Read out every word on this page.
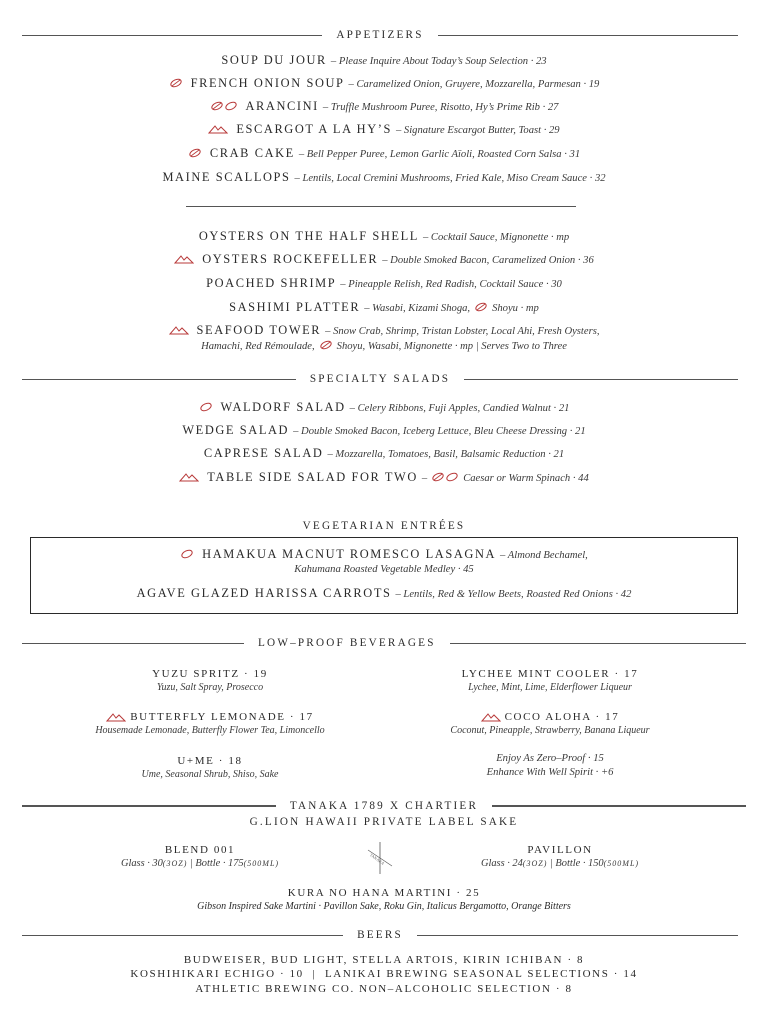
APPETIZERS
SOUP DU JOUR – Please Inquire About Today’s Soup Selection · 23
FRENCH ONION SOUP – Caramelized Onion, Gruyere, Mozzarella, Parmesan · 19
ARANCINI – Truffle Mushroom Puree, Risotto, Hy’s Prime Rib · 27
ESCARGOT A LA HY’S – Signature Escargot Butter, Toast · 29
CRAB CAKE – Bell Pepper Puree, Lemon Garlic Aïoli, Roasted Corn Salsa · 31
MAINE SCALLOPS – Lentils, Local Cremini Mushrooms, Fried Kale, Miso Cream Sauce · 32
OYSTERS ON THE HALF SHELL – Cocktail Sauce, Mignonette · mp
OYSTERS ROCKEFELLER – Double Smoked Bacon, Caramelized Onion · 36
POACHED SHRIMP – Pineapple Relish, Red Radish, Cocktail Sauce · 30
SASHIMI PLATTER – Wasabi, Kizami Shoga, Shoyu · mp
SEAFOOD TOWER – Snow Crab, Shrimp, Tristan Lobster, Local Ahi, Fresh Oysters,
Hamachi, Red Rémoulade, Shoyu, Wasabi, Mignonette · mp | Serves Two to Three
SPECIALTY SALADS
WALDORF SALAD – Celery Ribbons, Fuji Apples, Candied Walnut · 21
WEDGE SALAD – Double Smoked Bacon, Iceberg Lettuce, Bleu Cheese Dressing · 21
CAPRESE SALAD – Mozzarella, Tomatoes, Basil, Balsamic Reduction · 21
TABLE SIDE SALAD FOR TWO –	Caesar or Warm Spinach · 44
VEGETARIAN ENTRÉES
HAMAKUA MACNUT ROMESCO LASAGNA – Almond Bechamel,
Kahumana Roasted Vegetable Medley · 45
AGAVE GLAZED HARISSA CARROTS – Lentils, Red & Yellow Beets, Roasted Red Onions · 42
LOW–PROOF BEVERAGES
YUZU SPRITZ · 19
Yuzu, Salt Spray, Prosecco
BUTTERFLY LEMONADE · 17
Housemade Lemonade, Butterfly Flower Tea, Limoncello
U+ME · 18
Ume, Seasonal Shrub, Shiso, Sake
LYCHEE MINT COOLER · 17
Lychee, Mint, Lime, Elderflower Liqueur
COCO ALOHA · 17
Coconut, Pineapple, Strawberry, Banana Liqueur
Enjoy As Zero–Proof · 15
Enhance With Well Spirit · +6
TANAKA 1789 X CHARTIER
G.LION HAWAII PRIVATE LABEL SAKE
BLEND 001
Glass · 30(3OZ) | Bottle · 175(500ML)	TANAKA
PAVILLON
Glass · 24(3OZ) | Bottle · 150(500ML)
KURA NO HANA MARTINI · 25
Gibson Inspired Sake Martini · Pavillon Sake, Roku Gin, Italicus Bergamotto, Orange Bitters
BEERS
BUDWEISER, BUD LIGHT, STELLA ARTOIS, KIRIN ICHIBAN · 8
KOSHIHIKARI ECHIGO · 10  |  LANIKAI BREWING SEASONAL SELECTIONS · 14
ATHLETIC BREWING CO. NON–ALCOHOLIC SELECTION · 8
